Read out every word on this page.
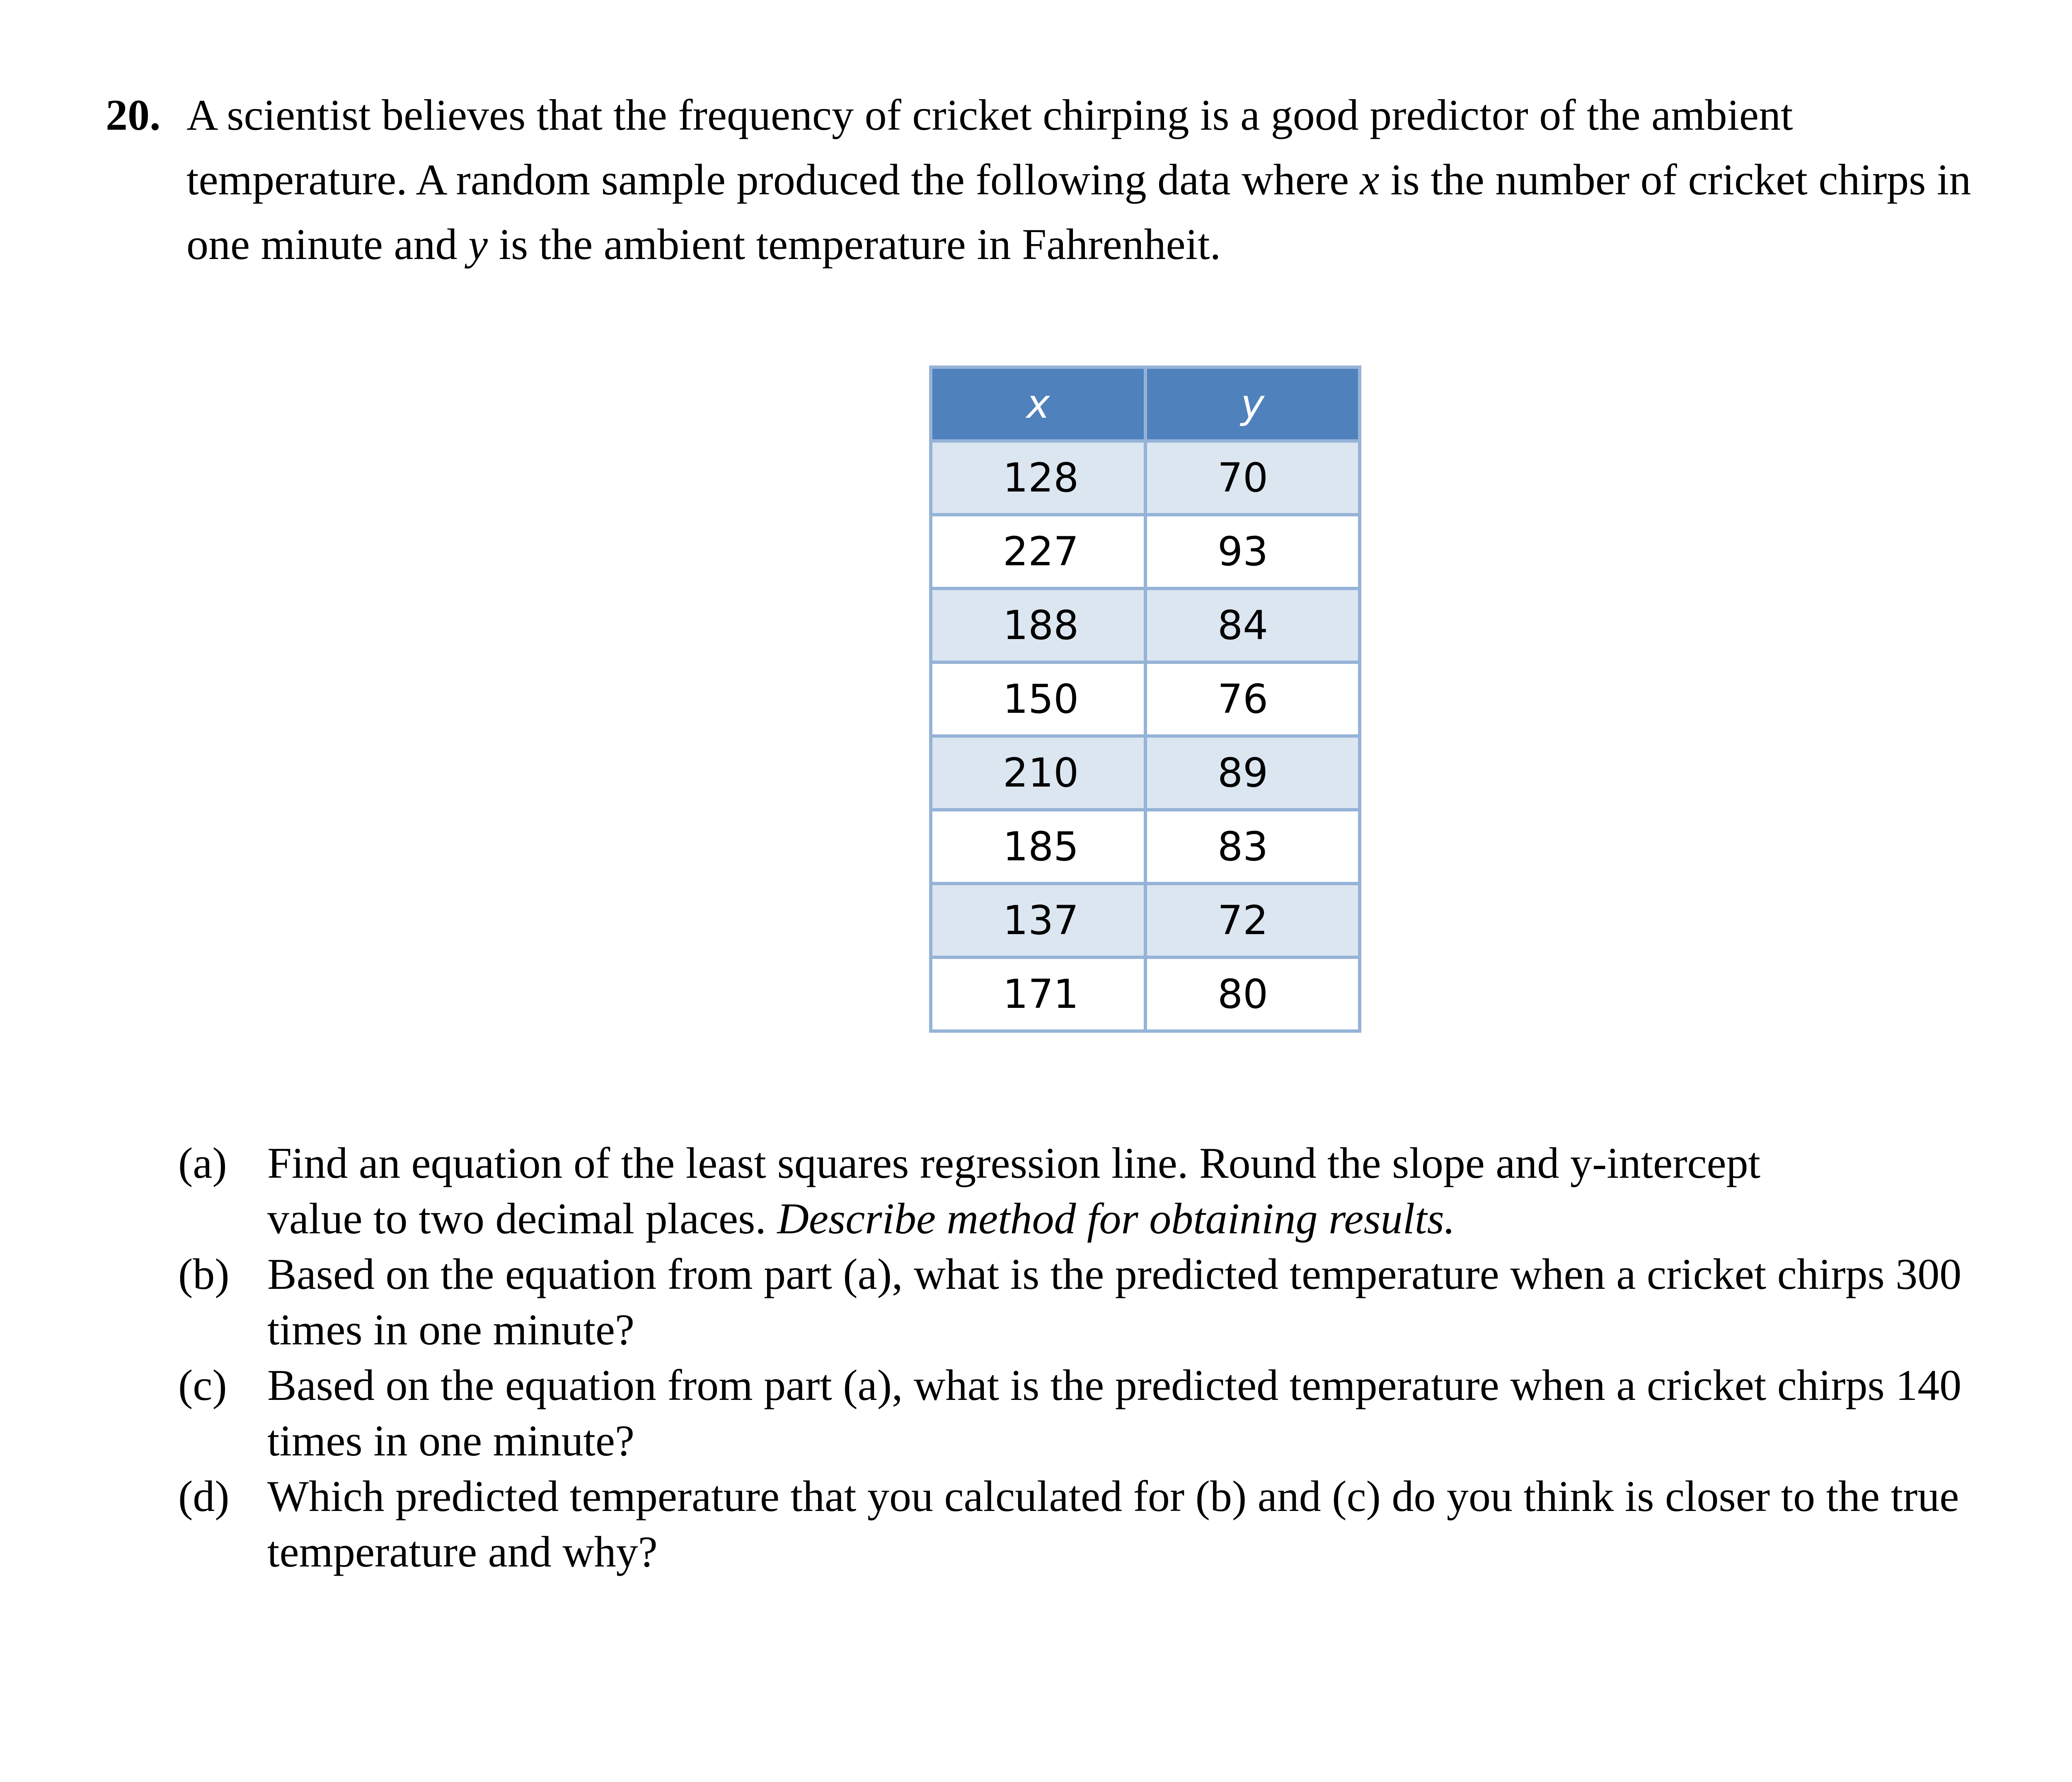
20. A scientist believes that the frequency of cricket chirping is a good predictor of the ambient
temperature. A random sample produced the following data where x is the number of cricket chirps in
one minute and y is the ambient temperature in Fahrenheit.
x	y
128	70
227	93
188	84
150	76
210	89
185	83
137	72
171	80
(a) Find an equation of the least squares regression line. Round the slope and y-intercept
value to two decimal places. Describe method for obtaining results.
(b) Based on the equation from part (a), what is the predicted temperature when a cricket chirps 300
times in one minute?
(c) Based on the equation from part (a), what is the predicted temperature when a cricket chirps 140
times in one minute?
(d) Which predicted temperature that you calculated for (b) and (c) do you think is closer to the true
temperature and why?
